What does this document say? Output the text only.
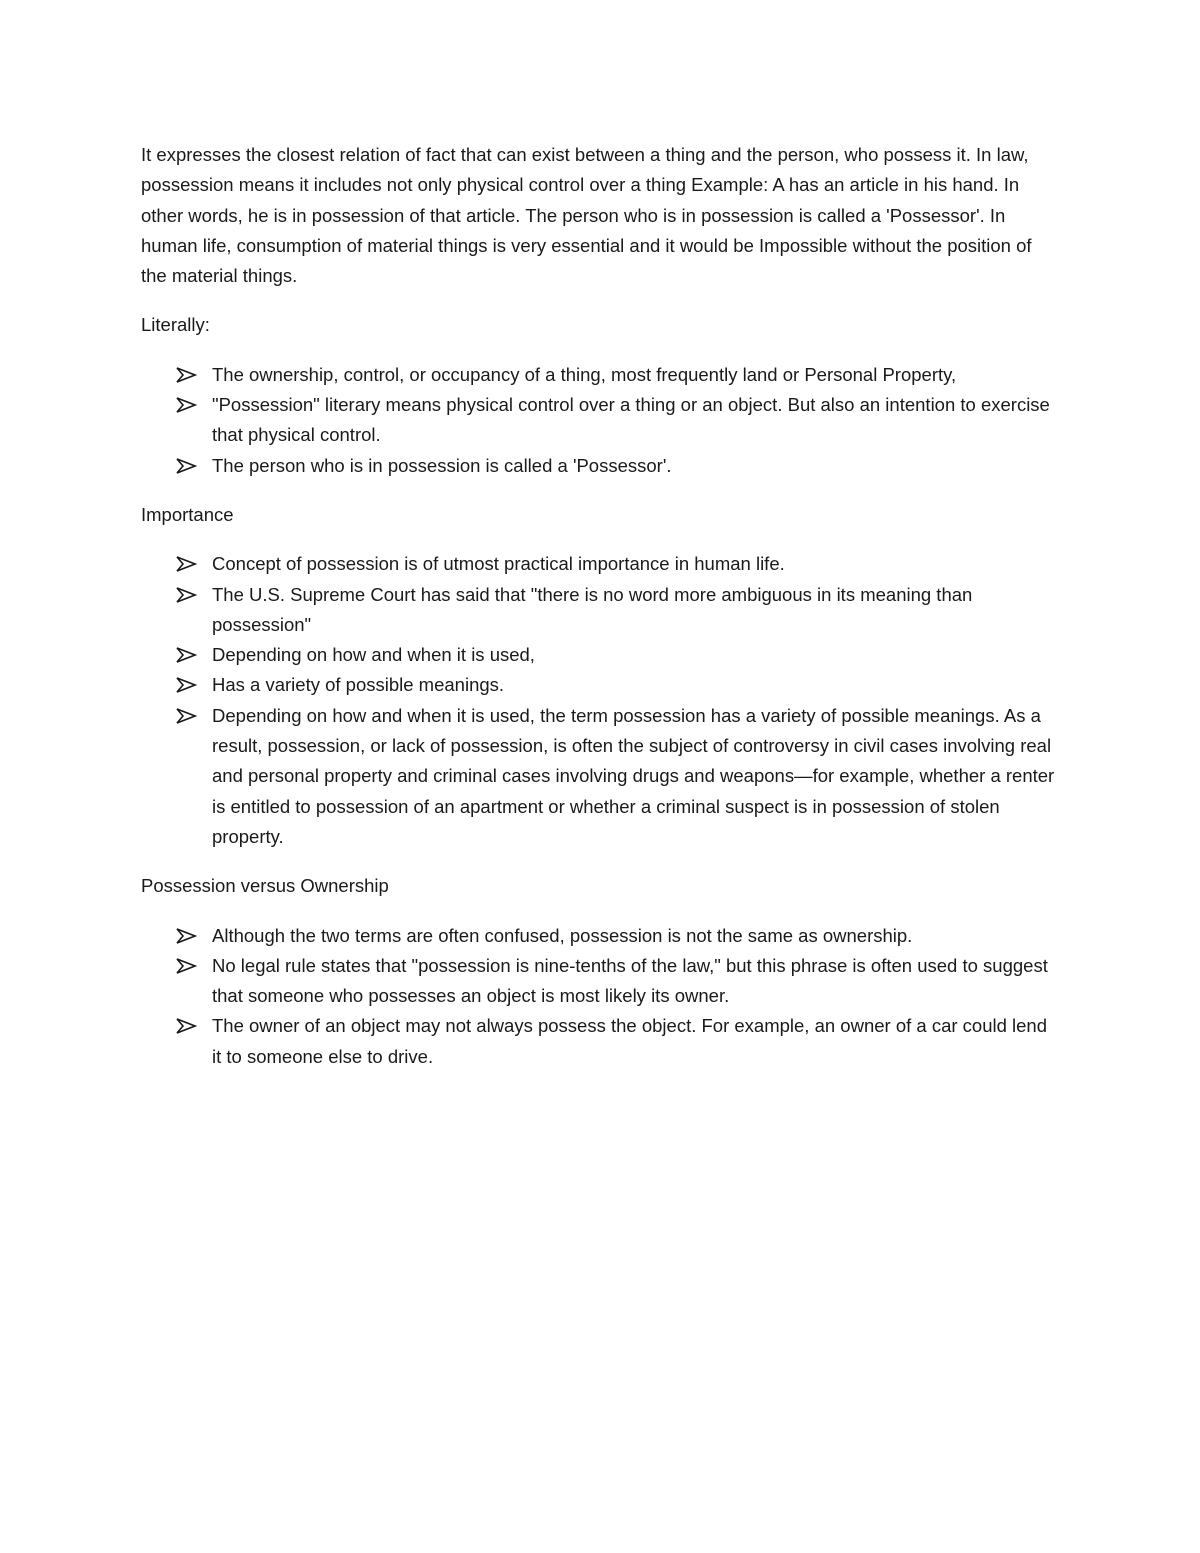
It expresses the closest relation of fact that can exist between a thing and the person, who possess it. In law, possession means it includes not only physical control over a thing Example: A has an article in his hand. In other words, he is in possession of that article. The person who is in possession is called a 'Possessor'. In human life, consumption of material things is very essential and it would be Impossible without the position of the material things.

Literally:

The ownership, control, or occupancy of a thing, most frequently land or Personal Property,
"Possession" literary means physical control over a thing or an object. But also an intention to exercise that physical control.
The person who is in possession is called a 'Possessor'.

Importance

Concept of possession is of utmost practical importance in human life.
The U.S. Supreme Court has said that "there is no word more ambiguous in its meaning than possession"
Depending on how and when it is used,
Has a variety of possible meanings.
Depending on how and when it is used, the term possession has a variety of possible meanings. As a result, possession, or lack of possession, is often the subject of controversy in civil cases involving real and personal property and criminal cases involving drugs and weapons—for example, whether a renter is entitled to possession of an apartment or whether a criminal suspect is in possession of stolen property.

Possession versus Ownership

Although the two terms are often confused, possession is not the same as ownership.
No legal rule states that "possession is nine-tenths of the law," but this phrase is often used to suggest that someone who possesses an object is most likely its owner.
The owner of an object may not always possess the object. For example, an owner of a car could lend it to someone else to drive.
